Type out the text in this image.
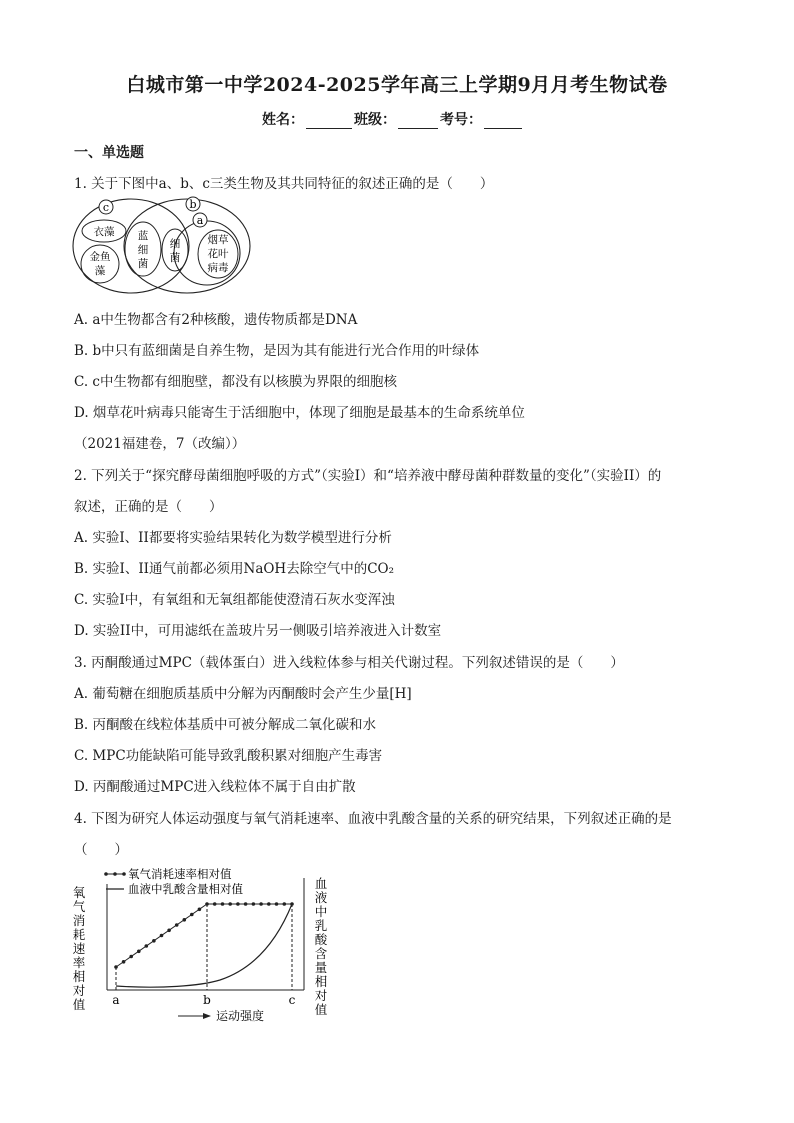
白城市第一中学2024-2025学年高三上学期9月月考生物试卷
姓名：	班级：	考号：
一、单选题
1. 关于下图中a、b、c三类生物及其共同特征的叙述正确的是（　　）
c	b
a
衣藻
金鱼
藻
蓝
细
菌
细
菌
烟草
花叶
病毒
A. a中生物都含有2种核酸，遗传物质都是DNA
B. b中只有蓝细菌是自养生物，是因为其有能进行光合作用的叶绿体
C. c中生物都有细胞壁，都没有以核膜为界限的细胞核
D. 烟草花叶病毒只能寄生于活细胞中，体现了细胞是最基本的生命系统单位
（2021福建卷，7（改编））
2. 下列关于“探究酵母菌细胞呼吸的方式”（实验I）和“培养液中酵母菌种群数量的变化”（实验II）的
叙述，正确的是（　　）
A. 实验I、II都要将实验结果转化为数学模型进行分析
B. 实验I、II通气前都必须用NaOH去除空气中的CO₂
C. 实验I中，有氧组和无氧组都能使澄清石灰水变浑浊
D. 实验II中，可用滤纸在盖玻片另一侧吸引培养液进入计数室
3. 丙酮酸通过MPC（载体蛋白）进入线粒体参与相关代谢过程。下列叙述错误的是（　　）
A. 葡萄糖在细胞质基质中分解为丙酮酸时会产生少量[H]
B. 丙酮酸在线粒体基质中可被分解成二氧化碳和水
C. MPC功能缺陷可能导致乳酸积累对细胞产生毒害
D. 丙酮酸通过MPC进入线粒体不属于自由扩散
4. 下图为研究人体运动强度与氧气消耗速率、血液中乳酸含量的关系的研究结果，下列叙述正确的是
（　　）
氧气消耗速率相对值
血液中乳酸含量相对值
氧气消耗速率相对值
血液中乳酸含量相对值
a	b	c
运动强度
